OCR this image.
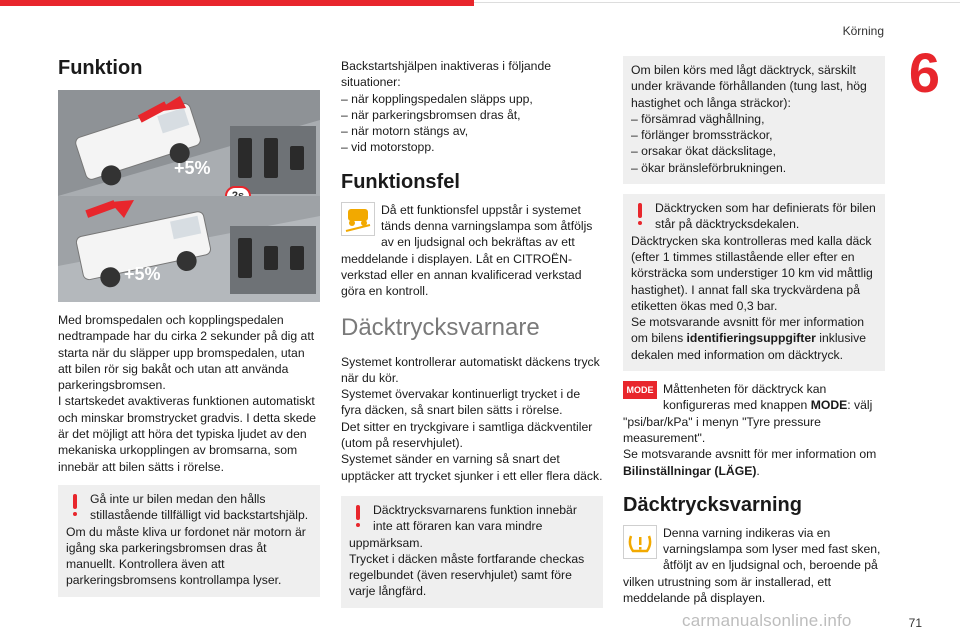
Körning
6
Funktion
+5%
+5%

Med bromspedalen och kopplingspedalen nedtrampade har du cirka 2 sekunder på dig att starta när du släpper upp bromspedalen, utan att bilen rör sig bakåt och utan att använda parkeringsbromsen.
I startskedet avaktiveras funktionen automatiskt och minskar bromstrycket gradvis. I detta skede är det möjligt att höra det typiska ljudet av den mekaniska urkopplingen av bromsarna, som innebär att bilen sätts i rörelse.

Gå inte ur bilen medan den hålls stillastående tillfälligt vid backstartshjälp.
Om du måste kliva ur fordonet när motorn är igång ska parkeringsbromsen dras åt manuellt. Kontrollera även att parkeringsbromsens kontrollampa lyser.

Backstartshjälpen inaktiveras i följande situationer:
– när kopplingspedalen släpps upp,
– när parkeringsbromsen dras åt,
– när motorn stängs av,
– vid motorstopp.

Funktionsfel

Då ett funktionsfel uppstår i systemet tänds denna varningslampa som åtföljs av en ljudsignal och bekräftas av ett meddelande i displayen. Låt en CITROËN-verkstad eller en annan kvalificerad verkstad göra en kontroll.

Däcktrycksvarnare

Systemet kontrollerar automatiskt däckens tryck när du kör.
Systemet övervakar kontinuerligt trycket i de fyra däcken, så snart bilen sätts i rörelse.
Det sitter en tryckgivare i samtliga däckventiler (utom på reservhjulet).
Systemet sänder en varning så snart det upptäcker att trycket sjunker i ett eller flera däck.

Däcktrycksvarnarens funktion innebär inte att föraren kan vara mindre uppmärksam.
Trycket i däcken måste fortfarande checkas regelbundet (även reservhjulet) samt före varje långfärd.

Om bilen körs med lågt däcktryck, särskilt under krävande förhållanden (tung last, hög hastighet och långa sträckor):
– försämrad väghållning,
– förlänger bromssträckor,
– orsakar ökat däckslitage,
– ökar bränsleförbrukningen.

Däcktrycken som har definierats för bilen står på däcktrycksdekalen.
Däcktrycken ska kontrolleras med kalla däck (efter 1 timmes stillastående eller efter en körsträcka som understiger 10 km vid måttlig hastighet). I annat fall ska tryckvärdena på etiketten ökas med 0,3 bar.
Se motsvarande avsnitt för mer information om bilens identifieringsuppgifter inklusive dekalen med information om däcktryck.

MODE Måttenheten för däcktryck kan konfigureras med knappen MODE: välj "psi/bar/kPa" i menyn "Tyre pressure measurement".
Se motsvarande avsnitt för mer information om Bilinställningar (LÄGE).

Däcktrycksvarning

Denna varning indikeras via en varningslampa som lyser med fast sken, åtföljt av en ljudsignal och, beroende på vilken utrustning som är installerad, ett meddelande på displayen.

carmanualsonline.info	71
